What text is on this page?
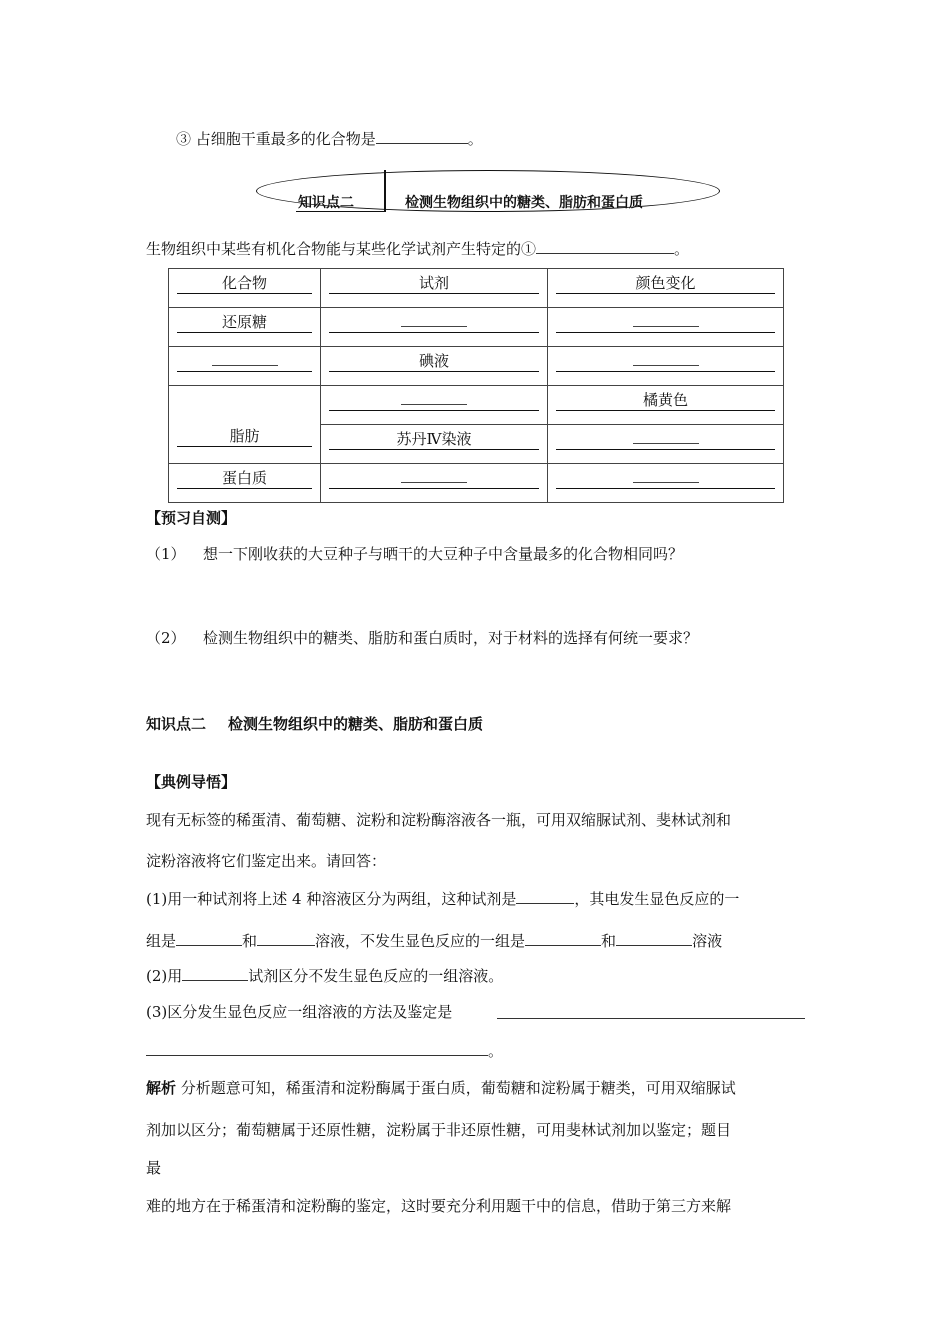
③ 占细胞干重最多的化合物是	。
知识点二	检测生物组织中的糖类、脂肪和蛋白质
生物组织中某些有机化合物能与某些化学试剂产生特定的①	。
化合物	试剂	颜色变化

还原糖		

	碘液	

脂肪		橘黄色

	苏丹Ⅳ染液	

蛋白质		

【预习自测】
（1） 想一下刚收获的大豆种子与晒干的大豆种子中含量最多的化合物相同吗？
（2） 检测生物组织中的糖类、脂肪和蛋白质时，对于材料的选择有何统一要求？
知识点二 检测生物组织中的糖类、脂肪和蛋白质
【典例导悟】
现有无标签的稀蛋清、葡萄糖、淀粉和淀粉酶溶液各一瓶，可用双缩脲试剂、斐林试剂和
淀粉溶液将它们鉴定出来。请回答：
(1)用一种试剂将上述 4 种溶液区分为两组，这种试剂是	，其电发生显色反应的一
组是	和	溶液，不发生显色反应的一组是	和	溶液
(2)用	试剂区分不发生显色反应的一组溶液。
(3)区分发生显色反应一组溶液的方法及鉴定是
。
解析 分析题意可知，稀蛋清和淀粉酶属于蛋白质，葡萄糖和淀粉属于糖类，可用双缩脲试
剂加以区分；葡萄糖属于还原性糖，淀粉属于非还原性糖，可用斐林试剂加以鉴定；题目
最
难的地方在于稀蛋清和淀粉酶的鉴定，这时要充分利用题干中的信息，借助于第三方来解
